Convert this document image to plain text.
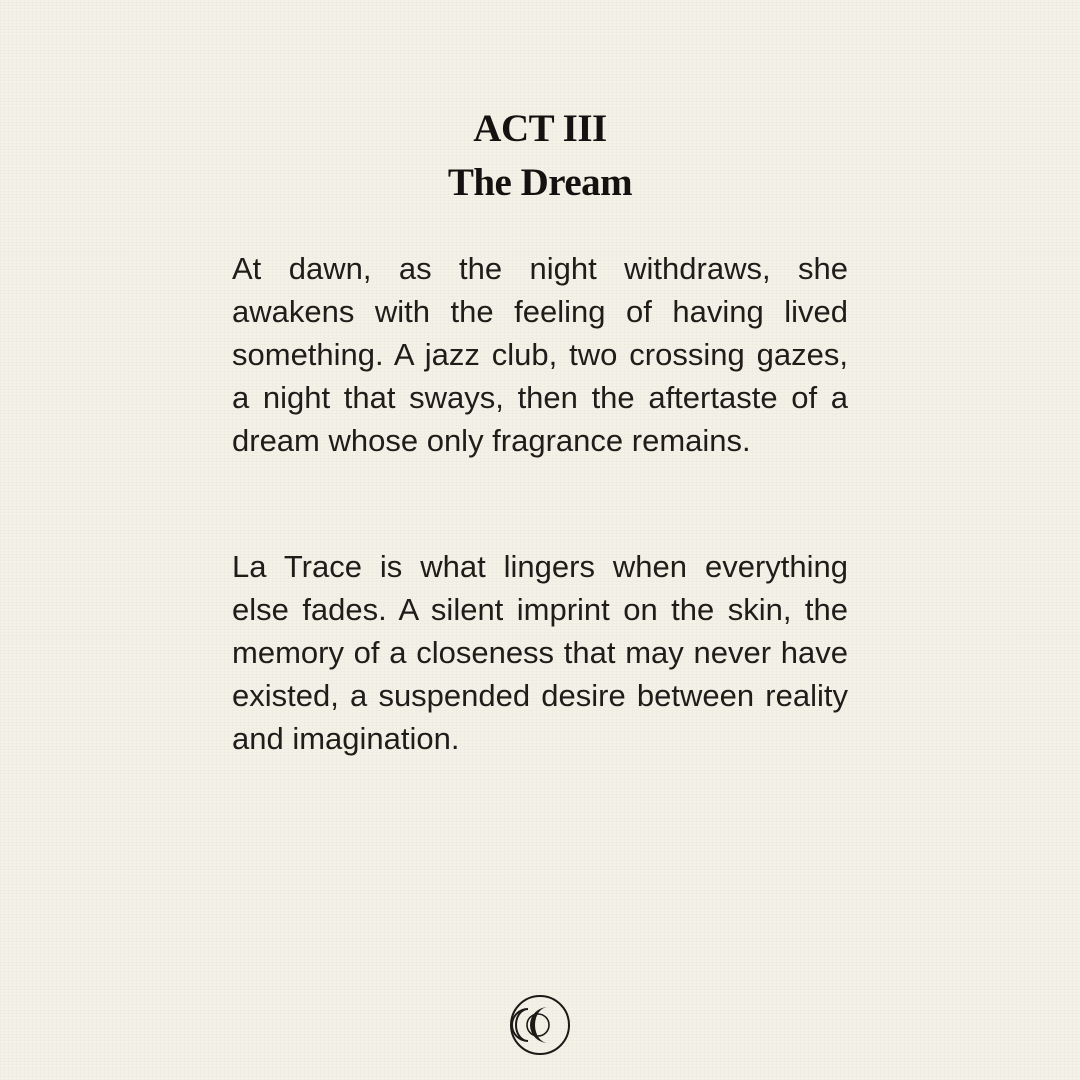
ACT III
The Dream

At dawn, as the night withdraws, she awakens with the feeling of having lived something. A jazz club, two crossing gazes, a night that sways, then the aftertaste of a dream whose only fragrance remains.

La Trace is what lingers when everything else fades. A silent imprint on the skin, the memory of a closeness that may never have existed, a suspended desire between reality and imagination.
